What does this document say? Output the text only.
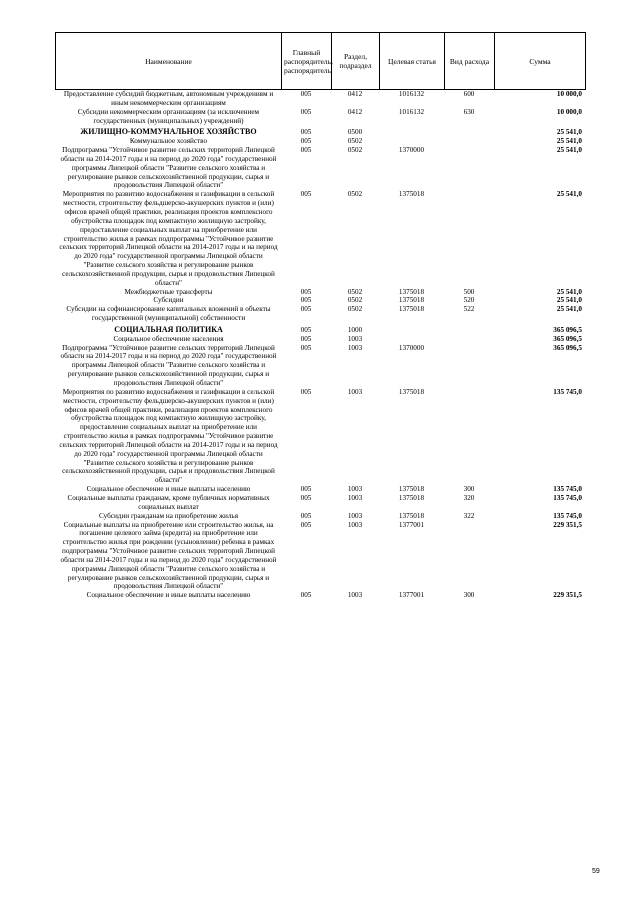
Наименование	Главный распорядитель, распорядитель	Раздел, подраздел	Целевая статья	Вид расхода	Сумма
Предоставление субсидий бюджетным, автономным учреждениям и иным некоммерческим организациям	005	0412	1016132	600	10 000,0
Субсидии некоммерческим организациям (за исключением государственных (муниципальных) учреждений)	005	0412	1016132	630	10 000,0
ЖИЛИЩНО-КОММУНАЛЬНОЕ ХОЗЯЙСТВО	005	0500			25 541,0
Коммунальное хозяйство	005	0502			25 541,0
Подпрограмма "Устойчивое развитие сельских территорий Липецкой области на 2014-2017 годы и на период до 2020 года" государственной программы Липецкой области "Развитие сельского хозяйства и регулирование рынков сельскохозяйственной продукции, сырья и продовольствия Липецкой области"	005	0502	1370000		25 541,0
Мероприятия по развитию водоснабжения и газификации в сельской местности, строительству фельдшерско-акушерских пунктов и (или) офисов врачей общей практики, реализация проектов комплексного обустройства площадок под компактную жилищную застройку, предоставление социальных выплат на приобретение или строительство жилья в рамках подпрограммы "Устойчивое развитие сельских территорий Липецкой области на 2014-2017 годы и на период до 2020 года" государственной программы Липецкой области "Развитие сельского хозяйства и регулирование рынков сельскохозяйственной продукции, сырья и продовольствия Липецкой области"	005	0502	1375018		25 541,0
Межбюджетные трансферты	005	0502	1375018	500	25 541,0
Субсидии	005	0502	1375018	520	25 541,0
Субсидии на софинансирование капитальных вложений в объекты государственной (муниципальной) собственности	005	0502	1375018	522	25 541,0
СОЦИАЛЬНАЯ ПОЛИТИКА	005	1000			365 096,5
Социальное обеспечение населения	005	1003			365 096,5
Подпрограмма "Устойчивое развитие сельских территорий Липецкой области на 2014-2017 годы и на период до 2020 года" государственной программы Липецкой области "Развитие сельского хозяйства и регулирование рынков сельскохозяйственной продукции, сырья и продовольствия Липецкой области"	005	1003	1370000		365 096,5
Мероприятия по развитию водоснабжения и газификации в сельской местности, строительству фельдшерско-акушерских пунктов и (или) офисов врачей общей практики, реализация проектов комплексного обустройства площадок под компактную жилищную застройку, предоставление социальных выплат на приобретение или строительство жилья в рамках подпрограммы "Устойчивое развитие сельских территорий Липецкой области на 2014-2017 годы и на период до 2020 года" государственной программы Липецкой области "Развитие сельского хозяйства и регулирование рынков сельскохозяйственной продукции, сырья и продовольствия Липецкой области"	005	1003	1375018		135 745,0
Социальное обеспечение и иные выплаты населению	005	1003	1375018	300	135 745,0
Социальные выплаты гражданам, кроме публичных нормативных социальных выплат	005	1003	1375018	320	135 745,0
Субсидии гражданам на приобретение жилья	005	1003	1375018	322	135 745,0
Социальные выплаты на приобретение или строительство жилья, на погашение целевого займа (кредита) на приобретение или строительство жилья при рождении (усыновлении) ребенка в рамках подпрограммы "Устойчивое развитие сельских территорий Липецкой области на 2014-2017 годы и на период до 2020 года" государственной программы Липецкой области "Развитие сельского хозяйства и регулирование рынков сельскохозяйственной продукции, сырья и продовольствия Липецкой области"	005	1003	1377001		229 351,5
Социальное обеспечение и иные выплаты населению	005	1003	1377001	300	229 351,5
59
